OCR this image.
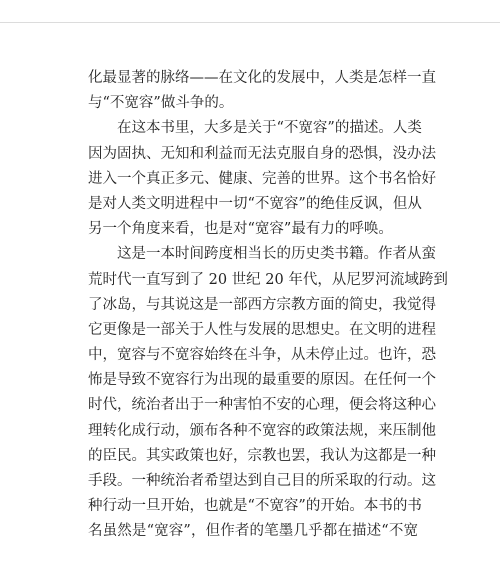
化最显著的脉络——在文化的发展中，人类是怎样一直
与“不宽容”做斗争的。
在这本书里，大多是关于“不宽容”的描述。人类
因为固执、无知和利益而无法克服自身的恐惧，没办法
进入一个真正多元、健康、完善的世界。这个书名恰好
是对人类文明进程中一切“不宽容”的绝佳反讽，但从
另一个角度来看，也是对“宽容”最有力的呼唤。
这是一本时间跨度相当长的历史类书籍。作者从蛮
荒时代一直写到了 20 世纪 20 年代，从尼罗河流域跨到
了冰岛，与其说这是一部西方宗教方面的简史，我觉得
它更像是一部关于人性与发展的思想史。在文明的进程
中，宽容与不宽容始终在斗争，从未停止过。也许，恐
怖是导致不宽容行为出现的最重要的原因。在任何一个
时代，统治者出于一种害怕不安的心理，便会将这种心
理转化成行动，颁布各种不宽容的政策法规，来压制他
的臣民。其实政策也好，宗教也罢，我认为这都是一种
手段。一种统治者希望达到自己目的所采取的行动。这
种行动一旦开始，也就是“不宽容”的开始。本书的书
名虽然是“宽容”，但作者的笔墨几乎都在描述“不宽
